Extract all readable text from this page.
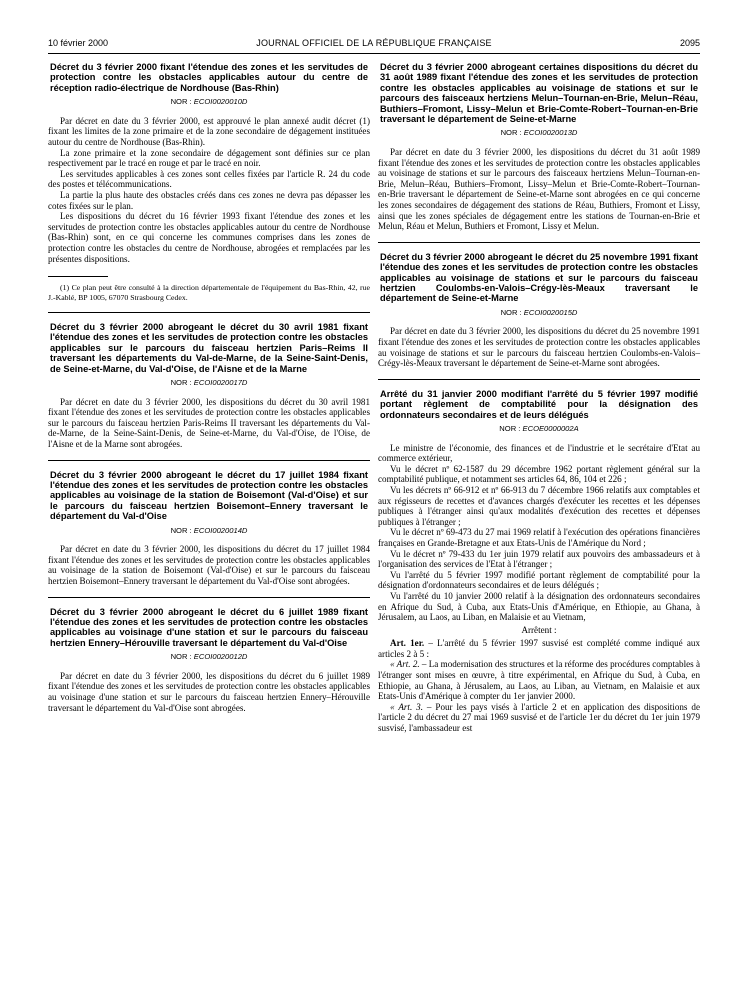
10 février 2000	JOURNAL OFFICIEL DE LA RÉPUBLIQUE FRANÇAISE	2095
Décret du 3 février 2000 fixant l'étendue des zones et les servitudes de protection contre les obstacles applicables autour du centre de réception radio-électrique de Nordhouse (Bas-Rhin)
NOR : ECOI0020010D

Par décret en date du 3 février 2000, est approuvé le plan annexé audit décret (1) fixant les limites de la zone primaire et de la zone secondaire de dégagement instituées autour du centre de Nordhouse (Bas-Rhin).

La zone primaire et la zone secondaire de dégagement sont définies sur ce plan respectivement par le tracé en rouge et par le tracé en noir.

Les servitudes applicables à ces zones sont celles fixées par l'article R. 24 du code des postes et télécommunications.

La partie la plus haute des obstacles créés dans ces zones ne devra pas dépasser les cotes fixées sur le plan.

Les dispositions du décret du 16 février 1993 fixant l'étendue des zones et les servitudes de protection contre les obstacles applicables autour du centre de Nordhouse (Bas-Rhin) sont, en ce qui concerne les communes comprises dans les zones de protection contre les obstacles du centre de Nordhouse, abrogées et remplacées par les présentes dispositions.

(1) Ce plan peut être consulté à la direction départementale de l'équipement du Bas-Rhin, 42, rue J.-Kablé, BP 1005, 67070 Strasbourg Cedex.

Décret du 3 février 2000 abrogeant le décret du 30 avril 1981 fixant l'étendue des zones et les servitudes de protection contre les obstacles applicables sur le parcours du faisceau hertzien Paris–Reims II traversant les départements du Val-de-Marne, de la Seine-Saint-Denis, de Seine-et-Marne, du Val-d'Oise, de l'Aisne et de la Marne
NOR : ECOI0020017D

Par décret en date du 3 février 2000, les dispositions du décret du 30 avril 1981 fixant l'étendue des zones et les servitudes de protection contre les obstacles applicables sur le parcours du faisceau hertzien Paris-Reims II traversant les départements du Val-de-Marne, de la Seine-Saint-Denis, de Seine-et-Marne, du Val-d'Oise, de l'Oise, de l'Aisne et de la Marne sont abrogées.

Décret du 3 février 2000 abrogeant le décret du 17 juillet 1984 fixant l'étendue des zones et les servitudes de protection contre les obstacles applicables au voisinage de la station de Boisemont (Val-d'Oise) et sur le parcours du faisceau hertzien Boisemont–Ennery traversant le département du Val-d'Oise
NOR : ECOI0020014D

Par décret en date du 3 février 2000, les dispositions du décret du 17 juillet 1984 fixant l'étendue des zones et les servitudes de protection contre les obstacles applicables au voisinage de la station de Boisemont (Val-d'Oise) et sur le parcours du faisceau hertzien Boisemont–Ennery traversant le département du Val-d'Oise sont abrogées.

Décret du 3 février 2000 abrogeant le décret du 6 juillet 1989 fixant l'étendue des zones et les servitudes de protection contre les obstacles applicables au voisinage d'une station et sur le parcours du faisceau hertzien Ennery–Hérouville traversant le département du Val-d'Oise
NOR : ECOI0020012D

Par décret en date du 3 février 2000, les dispositions du décret du 6 juillet 1989 fixant l'étendue des zones et les servitudes de protection contre les obstacles applicables au voisinage d'une station et sur le parcours du faisceau hertzien Ennery–Hérouville traversant le département du Val-d'Oise sont abrogées.

Décret du 3 février 2000 abrogeant certaines dispositions du décret du 31 août 1989 fixant l'étendue des zones et les servitudes de protection contre les obstacles applicables au voisinage de stations et sur le parcours des faisceaux hertziens Melun–Tournan-en-Brie, Melun–Réau, Buthiers–Fromont, Lissy–Melun et Brie-Comte-Robert–Tournan-en-Brie traversant le département de Seine-et-Marne
NOR : ECOI0020013D

Par décret en date du 3 février 2000, les dispositions du décret du 31 août 1989 fixant l'étendue des zones et les servitudes de protection contre les obstacles applicables au voisinage de stations et sur le parcours des faisceaux hertziens Melun–Tournan-en-Brie, Melun–Réau, Buthiers–Fromont, Lissy–Melun et Brie-Comte-Robert–Tournan-en-Brie traversant le département de Seine-et-Marne sont abrogées en ce qui concerne les zones secondaires de dégagement des stations de Réau, Buthiers, Fromont et Lissy, ainsi que les zones spéciales de dégagement entre les stations de Tournan-en-Brie et Melun, Réau et Melun, Buthiers et Fromont, Lissy et Melun.

Décret du 3 février 2000 abrogeant le décret du 25 novembre 1991 fixant l'étendue des zones et les servitudes de protection contre les obstacles applicables au voisinage de stations et sur le parcours du faisceau hertzien Coulombs-en-Valois–Crégy-lès-Meaux traversant le département de Seine-et-Marne
NOR : ECOI0020015D

Par décret en date du 3 février 2000, les dispositions du décret du 25 novembre 1991 fixant l'étendue des zones et les servitudes de protection contre les obstacles applicables au voisinage de stations et sur le parcours du faisceau hertzien Coulombs-en-Valois–Crégy-lès-Meaux traversant le département de Seine-et-Marne sont abrogées.

Arrêté du 31 janvier 2000 modifiant l'arrêté du 5 février 1997 modifié portant règlement de comptabilité pour la désignation des ordonnateurs secondaires et de leurs délégués
NOR : ECOE0000002A

Le ministre de l'économie, des finances et de l'industrie et le secrétaire d'Etat au commerce extérieur,

Vu le décret nº 62-1587 du 29 décembre 1962 portant règlement général sur la comptabilité publique, et notamment ses articles 64, 86, 104 et 226 ;

Vu les décrets nº 66-912 et nº 66-913 du 7 décembre 1966 relatifs aux comptables et aux régisseurs de recettes et d'avances chargés d'exécuter les recettes et les dépenses publiques à l'étranger ainsi qu'aux modalités d'exécution des recettes et dépenses publiques à l'étranger ;

Vu le décret nº 69-473 du 27 mai 1969 relatif à l'exécution des opérations financières françaises en Grande-Bretagne et aux Etats-Unis de l'Amérique du Nord ;

Vu le décret nº 79-433 du 1er juin 1979 relatif aux pouvoirs des ambassadeurs et à l'organisation des services de l'Etat à l'étranger ;

Vu l'arrêté du 5 février 1997 modifié portant règlement de comptabilité pour la désignation d'ordonnateurs secondaires et de leurs délégués ;

Vu l'arrêté du 10 janvier 2000 relatif à la désignation des ordonnateurs secondaires en Afrique du Sud, à Cuba, aux Etats-Unis d'Amérique, en Ethiopie, au Ghana, à Jérusalem, au Laos, au Liban, en Malaisie et au Vietnam,

Arrêtent :

Art. 1er. – L'arrêté du 5 février 1997 susvisé est complété comme indiqué aux articles 2 à 5 :

« Art. 2. – La modernisation des structures et la réforme des procédures comptables à l'étranger sont mises en œuvre, à titre expérimental, en Afrique du Sud, à Cuba, en Ethiopie, au Ghana, à Jérusalem, au Laos, au Liban, au Vietnam, en Malaisie et aux Etats-Unis d'Amérique à compter du 1er janvier 2000.

« Art. 3. – Pour les pays visés à l'article 2 et en application des dispositions de l'article 2 du décret du 27 mai 1969 susvisé et de l'article 1er du décret du 1er juin 1979 susvisé, l'ambassadeur est
